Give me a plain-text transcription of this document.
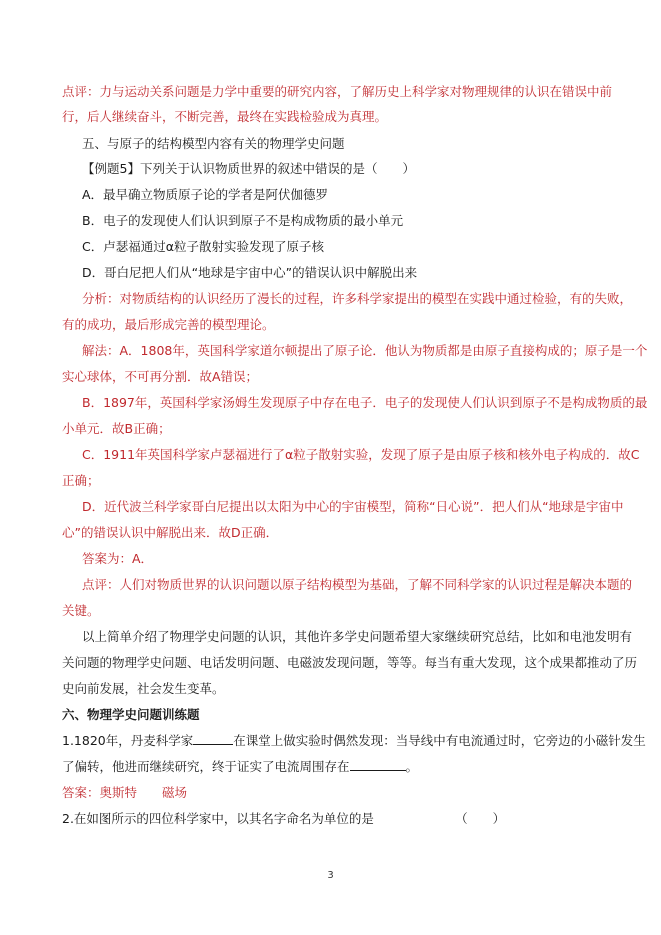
点评：力与运动关系问题是力学中重要的研究内容，了解历史上科学家对物理规律的认识在错误中前
行，后人继续奋斗，不断完善，最终在实践检验成为真理。
五、与原子的结构模型内容有关的物理学史问题
【例题5】下列关于认识物质世界的叙述中错误的是（　　）
A．最早确立物质原子论的学者是阿伏伽德罗
B．电子的发现使人们认识到原子不是构成物质的最小单元
C．卢瑟福通过α粒子散射实验发现了原子核
D．哥白尼把人们从“地球是宇宙中心”的错误认识中解脱出来
分析：对物质结构的认识经历了漫长的过程，许多科学家提出的模型在实践中通过检验，有的失败，
有的成功，最后形成完善的模型理论。
解法：A．1808年，英国科学家道尔顿提出了原子论．他认为物质都是由原子直接构成的；原子是一个
实心球体，不可再分割．故A错误；
B．1897年，英国科学家汤姆生发现原子中存在电子．电子的发现使人们认识到原子不是构成物质的最
小单元．故B正确；
C．1911年英国科学家卢瑟福进行了α粒子散射实验，发现了原子是由原子核和核外电子构成的．故C
正确；
D．近代波兰科学家哥白尼提出以太阳为中心的宇宙模型，简称“日心说”．把人们从“地球是宇宙中
心”的错误认识中解脱出来．故D正确．
答案为：A．
点评：人们对物质世界的认识问题以原子结构模型为基础，了解不同科学家的认识过程是解决本题的
关键。
以上简单介绍了物理学史问题的认识，其他许多学史问题希望大家继续研究总结，比如和电池发明有
关问题的物理学史问题、电话发明问题、电磁波发现问题，等等。每当有重大发现，这个成果都推动了历
史向前发展，社会发生变革。
六、物理学史问题训练题
1.1820年，丹麦科学家	在课堂上做实验时偶然发现：当导线中有电流通过时，它旁边的小磁针发生
了偏转，他进而继续研究，终于证实了电流周围存在	。
答案：奥斯特　　磁场
2.在如图所示的四位科学家中，以其名字命名为单位的是　　　　　　　（　　）
3
